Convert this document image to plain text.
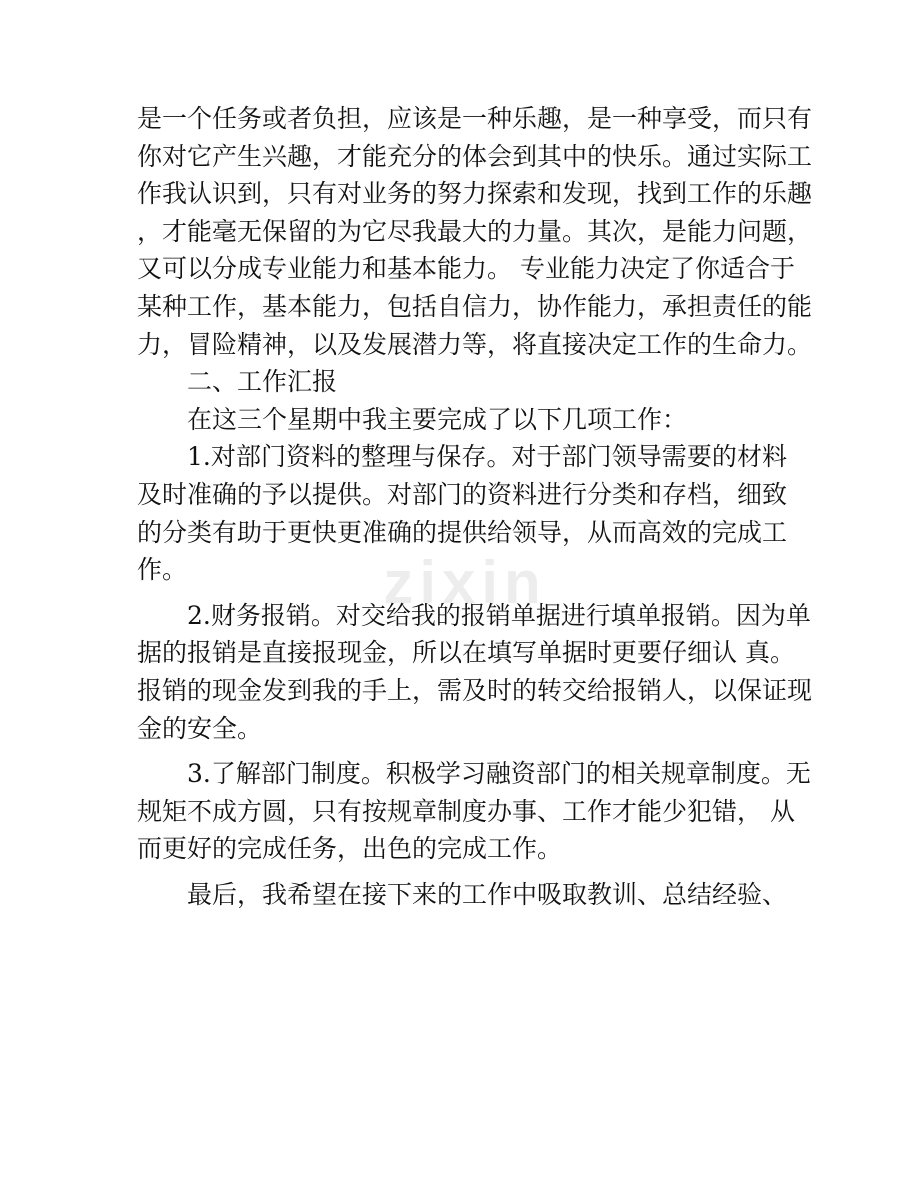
是一个任务或者负担，应该是一种乐趣，是一种享受，而只有
你对它产生兴趣，才能充分的体会到其中的快乐。通过实际工
作我认识到，只有对业务的努力探索和发现，找到工作的乐趣
，才能毫无保留的为它尽我最大的力量。其次，是能力问题，
又可以分成专业能力和基本能力。 专业能力决定了你适合于
某种工作，基本能力，包括自信力，协作能力，承担责任的能
力，冒险精神，以及发展潜力等，将直接决定工作的生命力。
二、工作汇报
在这三个星期中我主要完成了以下几项工作：
1.对部门资料的整理与保存。对于部门领导需要的材料
及时准确的予以提供。对部门的资料进行分类和存档，细致
的分类有助于更快更准确的提供给领导，从而高效的完成工
作。
2.财务报销。对交给我的报销单据进行填单报销。因为单
据的报销是直接报现金，所以在填写单据时更要仔细认 真。
报销的现金发到我的手上，需及时的转交给报销人，以保证现
金的安全。
3.了解部门制度。积极学习融资部门的相关规章制度。无
规矩不成方圆，只有按规章制度办事、工作才能少犯错， 从
而更好的完成任务，出色的完成工作。
最后，我希望在接下来的工作中吸取教训、总结经验、
zixin
